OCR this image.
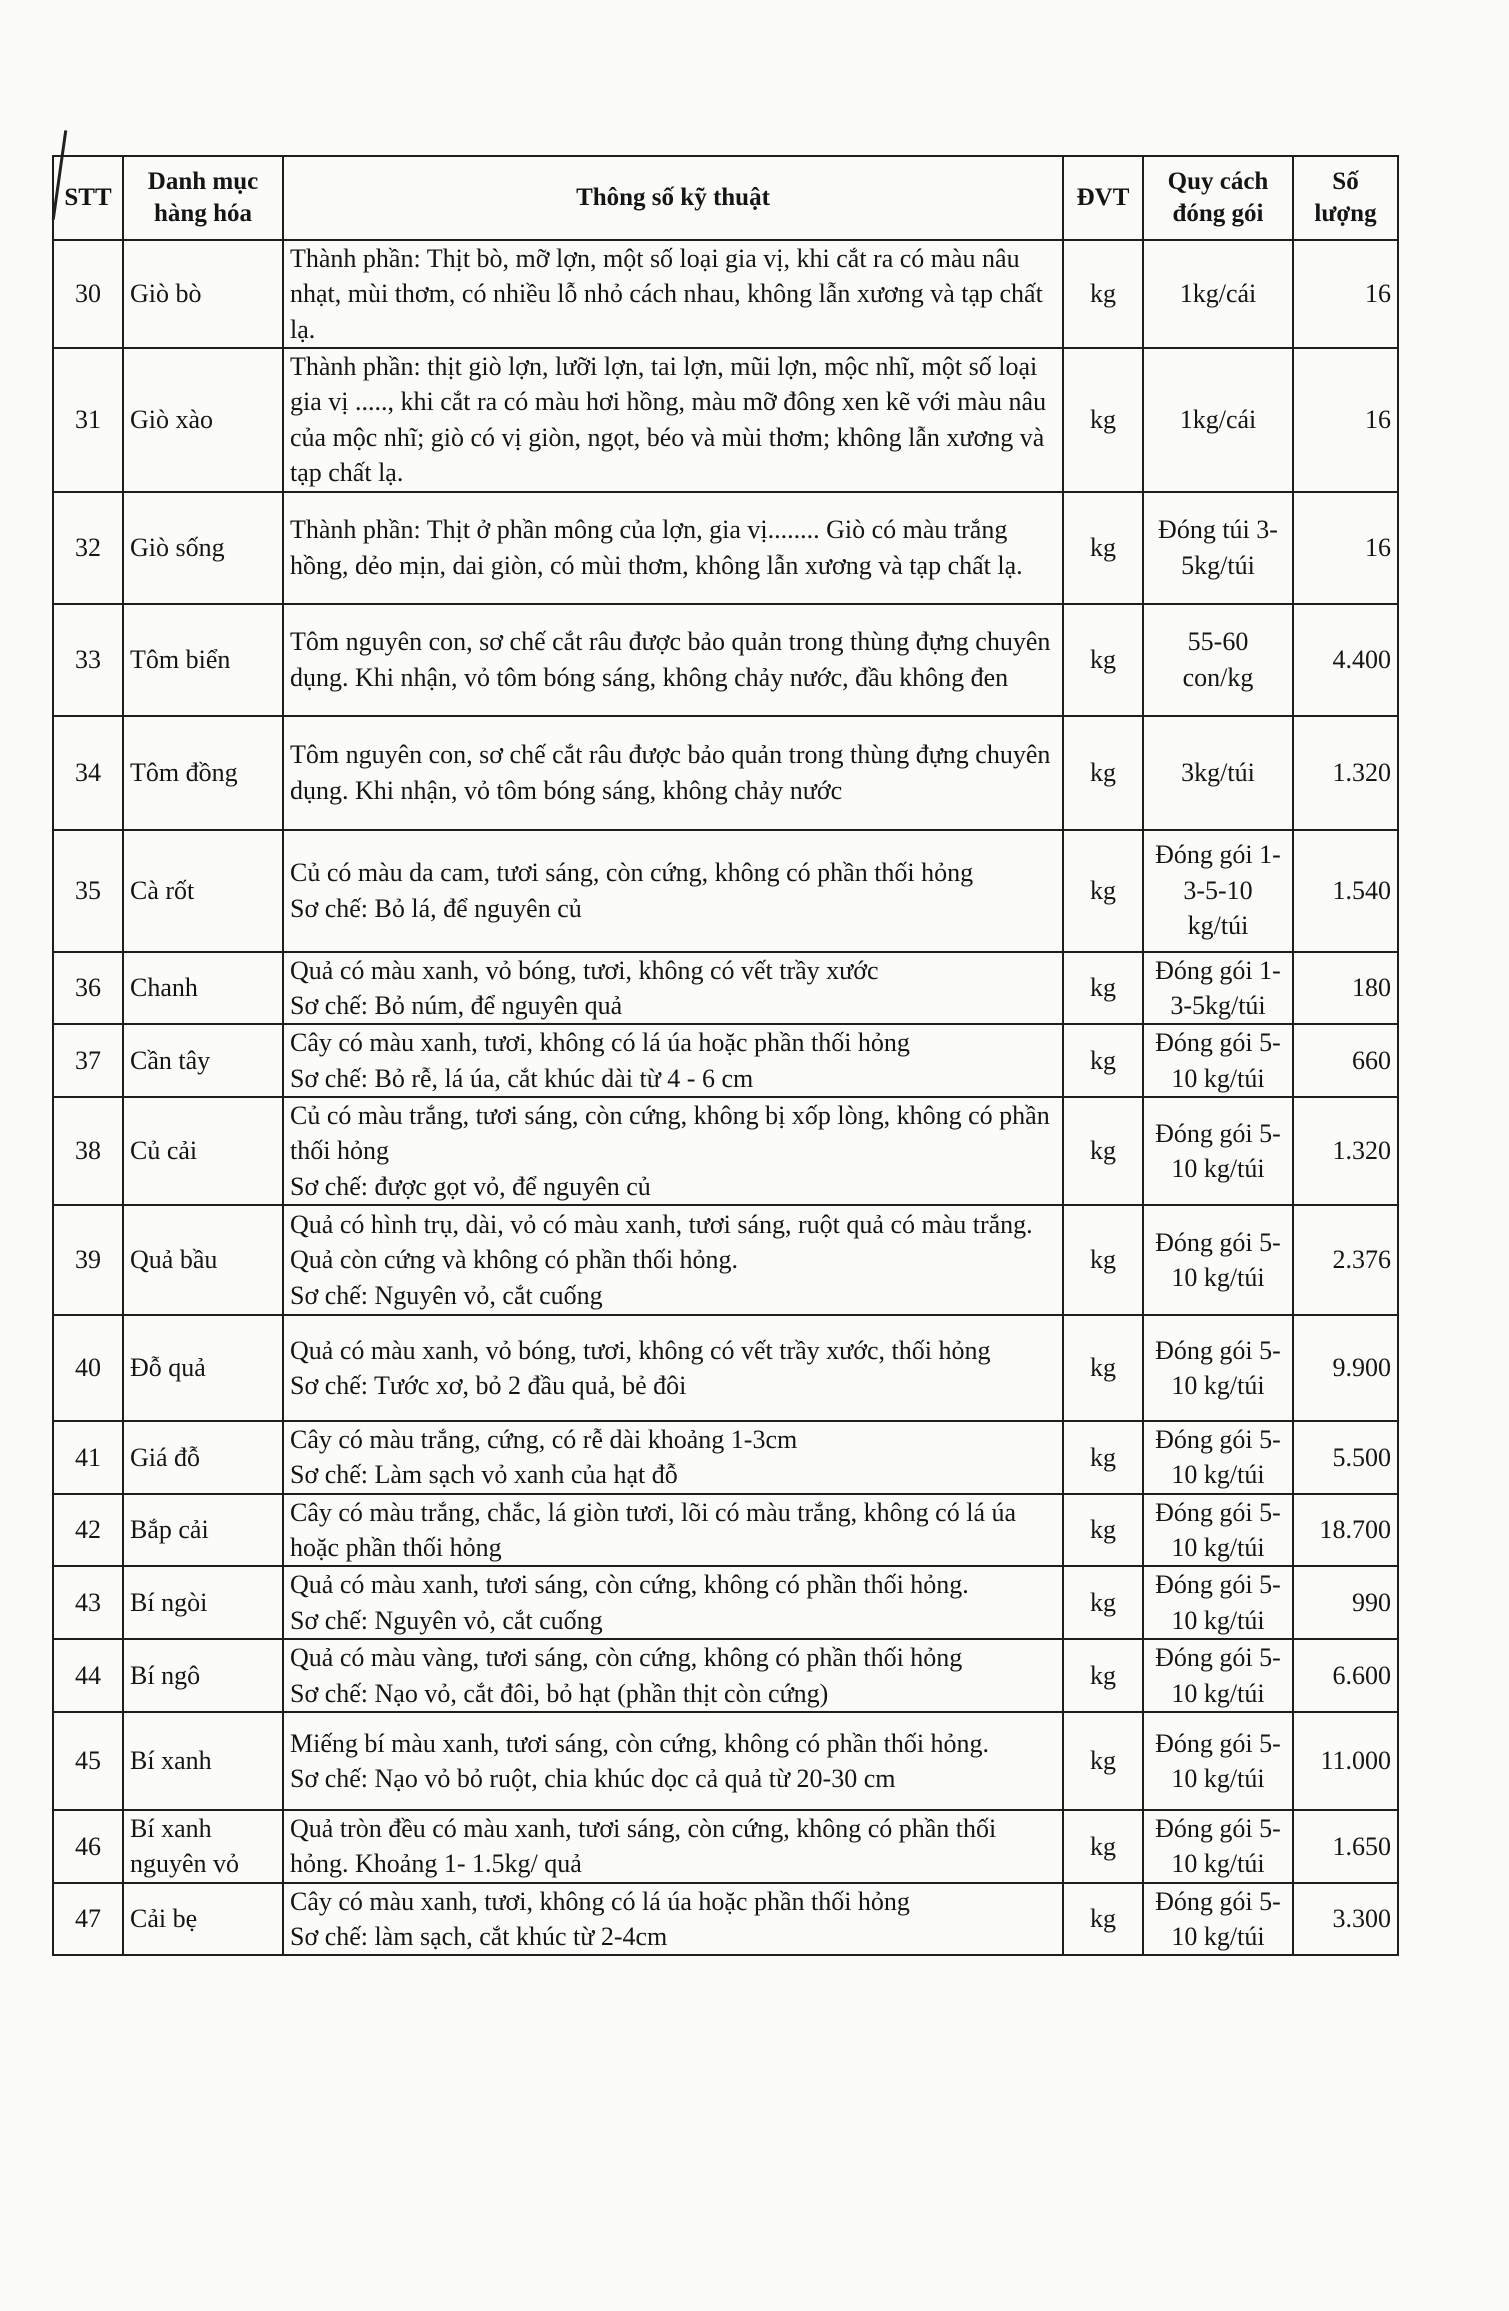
STT	Danh mục hàng hóa	Thông số kỹ thuật	ĐVT	Quy cách đóng gói	Số lượng
30	Giò bò	Thành phần: Thịt bò, mỡ lợn, một số loại gia vị, khi cắt ra có màu nâu nhạt, mùi thơm, có nhiều lỗ nhỏ cách nhau, không lẫn xương và tạp chất lạ.	kg	1kg/cái	16
31	Giò xào	Thành phần: thịt giò lợn, lưỡi lợn, tai lợn, mũi lợn, mộc nhĩ, một số loại gia vị ....., khi cắt ra có màu hơi hồng, màu mỡ đông xen kẽ với màu nâu của mộc nhĩ; giò có vị giòn, ngọt, béo và mùi thơm; không lẫn xương và tạp chất lạ.	kg	1kg/cái	16
32	Giò sống	Thành phần: Thịt ở phần mông của lợn, gia vị........ Giò có màu trắng hồng, dẻo mịn, dai giòn, có mùi thơm, không lẫn xương và tạp chất lạ.	kg	Đóng túi 3-5kg/túi	16
33	Tôm biển	Tôm nguyên con, sơ chế cắt râu được bảo quản trong thùng đựng chuyên dụng. Khi nhận, vỏ tôm bóng sáng, không chảy nước, đầu không đen	kg	55-60 con/kg	4.400
34	Tôm đồng	Tôm nguyên con, sơ chế cắt râu được bảo quản trong thùng đựng chuyên dụng. Khi nhận, vỏ tôm bóng sáng, không chảy nước	kg	3kg/túi	1.320
35	Cà rốt	Củ có màu da cam, tươi sáng, còn cứng, không có phần thối hỏng
Sơ chế: Bỏ lá, để nguyên củ	kg	Đóng gói 1-3-5-10 kg/túi	1.540
36	Chanh	Quả có màu xanh, vỏ bóng, tươi, không có vết trầy xước
Sơ chế: Bỏ núm, để nguyên quả	kg	Đóng gói 1-3-5kg/túi	180
37	Cần tây	Cây có màu xanh, tươi, không có lá úa hoặc phần thối hỏng
Sơ chế: Bỏ rễ, lá úa, cắt khúc dài từ 4 - 6 cm	kg	Đóng gói 5-10 kg/túi	660
38	Củ cải	Củ có màu trắng, tươi sáng, còn cứng, không bị xốp lòng, không có phần thối hỏng
Sơ chế: được gọt vỏ, để nguyên củ	kg	Đóng gói 5-10 kg/túi	1.320
39	Quả bầu	Quả có hình trụ, dài, vỏ có màu xanh, tươi sáng, ruột quả có màu trắng. Quả còn cứng và không có phần thối hỏng.
Sơ chế: Nguyên vỏ, cắt cuống	kg	Đóng gói 5-10 kg/túi	2.376
40	Đỗ quả	Quả có màu xanh, vỏ bóng, tươi, không có vết trầy xước, thối hỏng
Sơ chế: Tước xơ, bỏ 2 đầu quả, bẻ đôi	kg	Đóng gói 5-10 kg/túi	9.900
41	Giá đỗ	Cây có màu trắng, cứng, có rễ dài khoảng 1-3cm
Sơ chế: Làm sạch vỏ xanh của hạt đỗ	kg	Đóng gói 5-10 kg/túi	5.500
42	Bắp cải	Cây có màu trắng, chắc, lá giòn tươi, lõi có màu trắng, không có lá úa hoặc phần thối hỏng	kg	Đóng gói 5-10 kg/túi	18.700
43	Bí ngòi	Quả có màu xanh, tươi sáng, còn cứng, không có phần thối hỏng.
Sơ chế: Nguyên vỏ, cắt cuống	kg	Đóng gói 5-10 kg/túi	990
44	Bí ngô	Quả có màu vàng, tươi sáng, còn cứng, không có phần thối hỏng
Sơ chế: Nạo vỏ, cắt đôi, bỏ hạt (phần thịt còn cứng)	kg	Đóng gói 5-10 kg/túi	6.600
45	Bí xanh	Miếng bí màu xanh, tươi sáng, còn cứng, không có phần thối hỏng.
Sơ chế: Nạo vỏ bỏ ruột, chia khúc dọc cả quả từ 20-30 cm	kg	Đóng gói 5-10 kg/túi	11.000
46	Bí xanh nguyên vỏ	Quả tròn đều có màu xanh, tươi sáng, còn cứng, không có phần thối hỏng. Khoảng 1- 1.5kg/ quả	kg	Đóng gói 5-10 kg/túi	1.650
47	Cải bẹ	Cây có màu xanh, tươi, không có lá úa hoặc phần thối hỏng
Sơ chế: làm sạch, cắt khúc từ 2-4cm	kg	Đóng gói 5-10 kg/túi	3.300
